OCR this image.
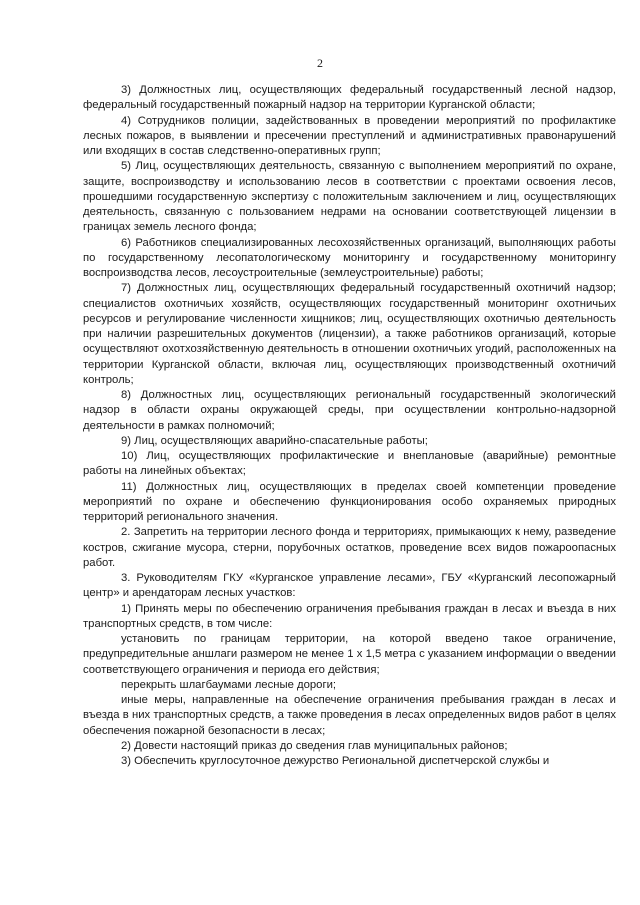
2

3) Должностных лиц, осуществляющих федеральный государственный лесной надзор, федеральный государственный пожарный надзор на территории Курганской области;

4) Сотрудников полиции, задействованных в проведении мероприятий по профилактике лесных пожаров, в выявлении и пресечении преступлений и административных правонарушений или входящих в состав следственно-оперативных групп;

5) Лиц, осуществляющих деятельность, связанную с выполнением мероприятий по охране, защите, воспроизводству и использованию лесов в соответствии с проектами освоения лесов, прошедшими государственную экспертизу с положительным заключением и лиц, осуществляющих деятельность, связанную с пользованием недрами на основании соответствующей лицензии в границах земель лесного фонда;

6) Работников специализированных лесохозяйственных организаций, выполняющих работы по государственному лесопатологическому мониторингу и государственному мониторингу воспроизводства лесов, лесоустроительные (землеустроительные) работы;

7) Должностных лиц, осуществляющих федеральный государственный охотничий надзор; специалистов охотничьих хозяйств, осуществляющих государственный мониторинг охотничьих ресурсов и регулирование численности хищников; лиц, осуществляющих охотничью деятельность при наличии разрешительных документов (лицензии), а также работников организаций, которые осуществляют охотхозяйственную деятельность в отношении охотничьих угодий, расположенных на территории Курганской области, включая лиц, осуществляющих производственный охотничий контроль;

8) Должностных лиц, осуществляющих региональный государственный экологический надзор в области охраны окружающей среды, при осуществлении контрольно-надзорной деятельности в рамках полномочий;

9) Лиц, осуществляющих аварийно-спасательные работы;

10) Лиц, осуществляющих профилактические и внеплановые (аварийные) ремонтные работы на линейных объектах;

11) Должностных лиц, осуществляющих в пределах своей компетенции проведение мероприятий по охране и обеспечению функционирования особо охраняемых природных территорий регионального значения.

2. Запретить на территории лесного фонда и территориях, примыкающих к нему, разведение костров, сжигание мусора, стерни, порубочных остатков, проведение всех видов пожароопасных работ.

3. Руководителям ГКУ «Курганское управление лесами», ГБУ «Курганский лесопожарный центр» и арендаторам лесных участков:

1) Принять меры по обеспечению ограничения пребывания граждан в лесах и въезда в них транспортных средств, в том числе:

установить по границам территории, на которой введено такое ограничение, предупредительные аншлаги размером не менее 1 х 1,5 метра с указанием информации о введении соответствующего ограничения и периода его действия;

перекрыть шлагбаумами лесные дороги;

иные меры, направленные на обеспечение ограничения пребывания граждан в лесах и въезда в них транспортных средств, а также проведения в лесах определенных видов работ в целях обеспечения пожарной безопасности в лесах;

2) Довести настоящий приказ до сведения глав муниципальных районов;

3) Обеспечить круглосуточное дежурство Региональной диспетчерской службы и
